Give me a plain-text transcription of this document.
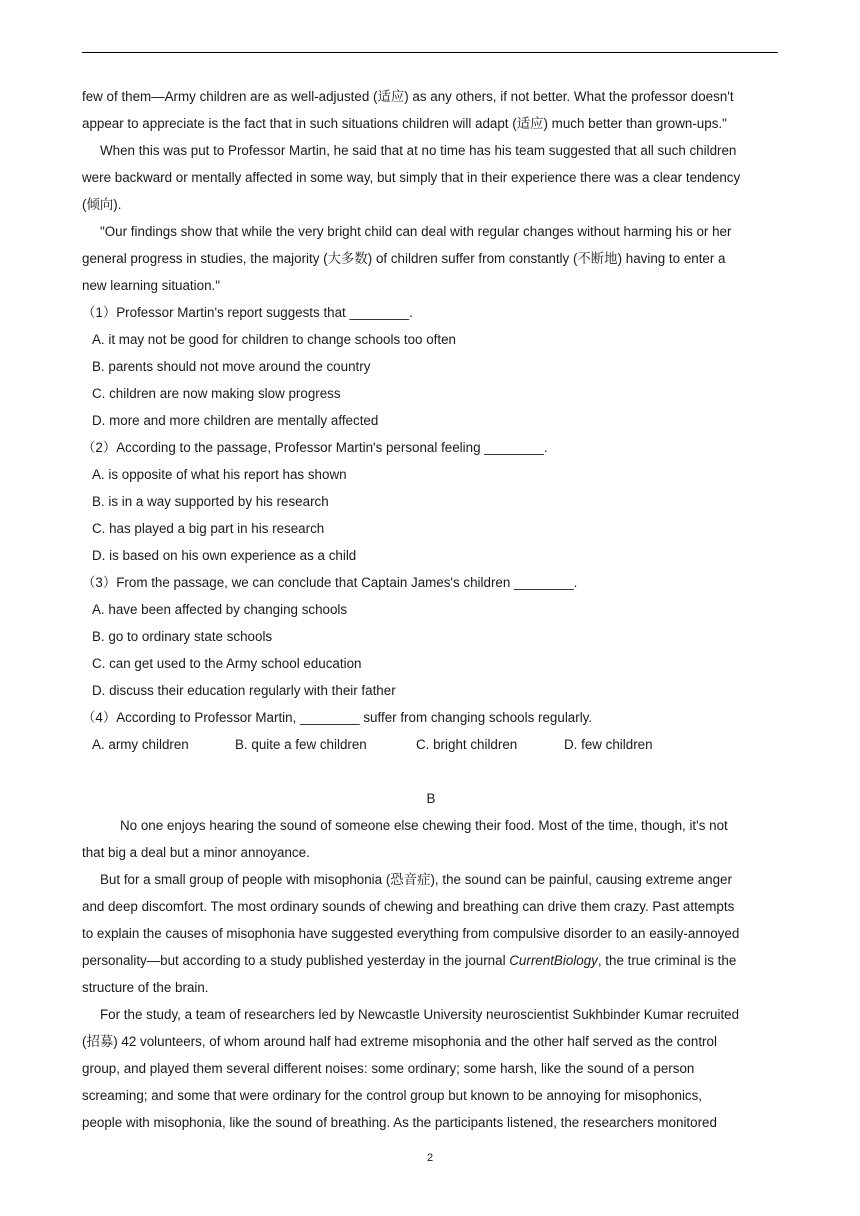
few of them—Army children are as well-adjusted (适应) as any others, if not better. What the professor doesn't

appear to appreciate is the fact that in such situations children will adapt (适应) much better than grown-ups."

When this was put to Professor Martin, he said that at no time has his team suggested that all such children

were backward or mentally affected in some way, but simply that in their experience there was a clear tendency

(倾向).

"Our findings show that while the very bright child can deal with regular changes without harming his or her

general progress in studies, the majority (大多数) of children suffer from constantly (不断地) having to enter a

new learning situation."

（1）Professor Martin's report suggests that ________.

A. it may not be good for children to change schools too often

B. parents should not move around the country

C. children are now making slow progress

D. more and more children are mentally affected

（2）According to the passage, Professor Martin's personal feeling ________.

A. is opposite of what his report has shown

B. is in a way supported by his research

C. has played a big part in his research

D. is based on his own experience as a child

（3）From the passage, we can conclude that Captain James's children ________.

A. have been affected by changing schools

B. go to ordinary state schools

C. can get used to the Army school education

D. discuss their education regularly with their father

（4）According to Professor Martin, ________ suffer from changing schools regularly.

A. army children	B. quite a few children	C. bright children	D. few children

B

No one enjoys hearing the sound of someone else chewing their food. Most of the time, though, it's not

that big a deal but a minor annoyance.

But for a small group of people with misophonia (恐音症), the sound can be painful, causing extreme anger

and deep discomfort. The most ordinary sounds of chewing and breathing can drive them crazy. Past attempts

to explain the causes of misophonia have suggested everything from compulsive disorder to an easily-annoyed

personality—but according to a study published yesterday in the journal CurrentBiology, the true criminal is the

structure of the brain.

For the study, a team of researchers led by Newcastle University neuroscientist Sukhbinder Kumar recruited

(招募) 42 volunteers, of whom around half had extreme misophonia and the other half served as the control

group, and played them several different noises: some ordinary; some harsh, like the sound of a person

screaming; and some that were ordinary for the control group but known to be annoying for misophonics,

people with misophonia, like the sound of breathing. As the participants listened, the researchers monitored

2
